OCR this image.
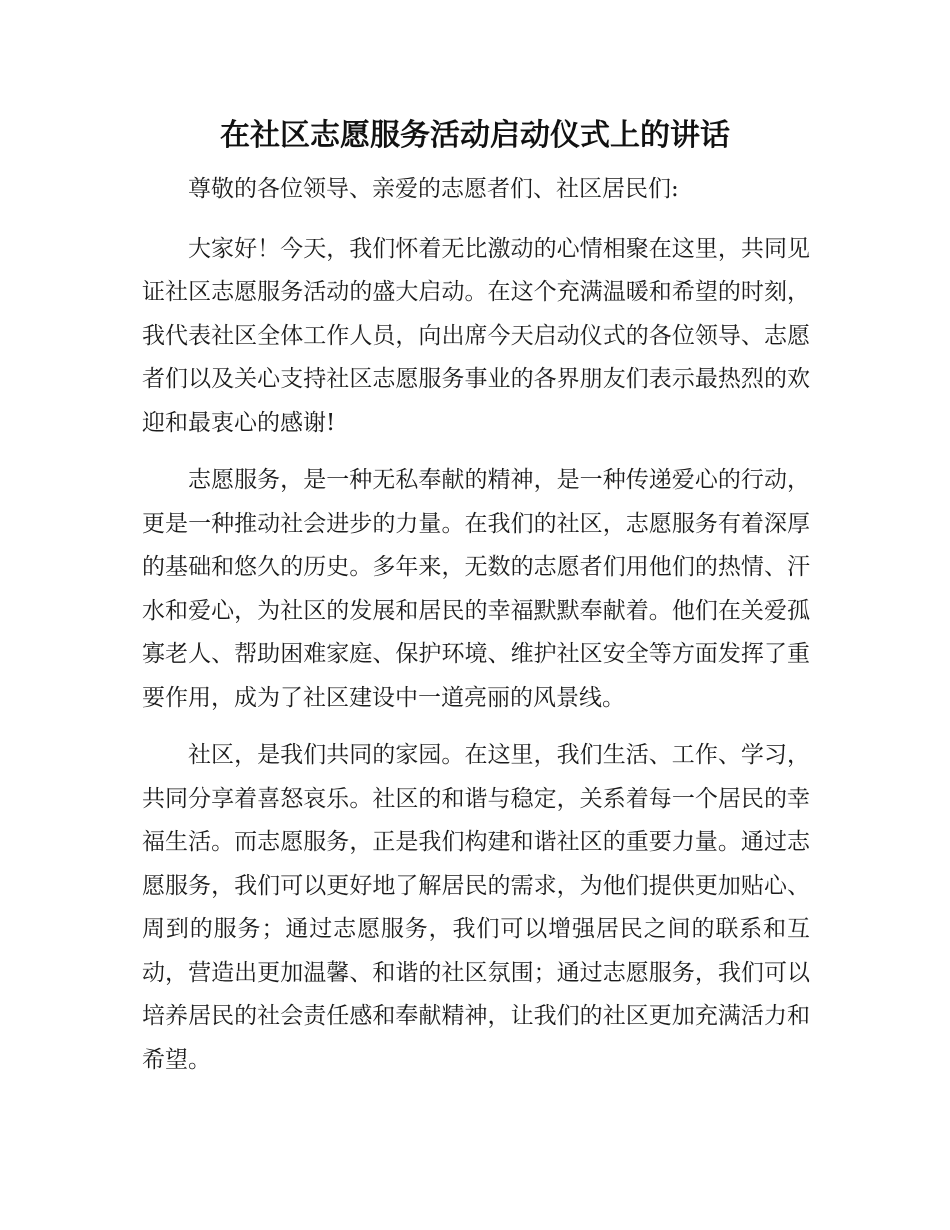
在社区志愿服务活动启动仪式上的讲话

尊敬的各位领导、亲爱的志愿者们、社区居民们:

大家好！今天，我们怀着无比激动的心情相聚在这里，共同见证社区志愿服务活动的盛大启动。在这个充满温暖和希望的时刻，我代表社区全体工作人员，向出席今天启动仪式的各位领导、志愿者们以及关心支持社区志愿服务事业的各界朋友们表示最热烈的欢迎和最衷心的感谢!

志愿服务，是一种无私奉献的精神，是一种传递爱心的行动，更是一种推动社会进步的力量。在我们的社区，志愿服务有着深厚的基础和悠久的历史。多年来，无数的志愿者们用他们的热情、汗水和爱心，为社区的发展和居民的幸福默默奉献着。他们在关爱孤寡老人、帮助困难家庭、保护环境、维护社区安全等方面发挥了重要作用，成为了社区建设中一道亮丽的风景线。

社区，是我们共同的家园。在这里，我们生活、工作、学习，共同分享着喜怒哀乐。社区的和谐与稳定，关系着每一个居民的幸福生活。而志愿服务，正是我们构建和谐社区的重要力量。通过志愿服务，我们可以更好地了解居民的需求，为他们提供更加贴心、周到的服务；通过志愿服务，我们可以增强居民之间的联系和互动，营造出更加温馨、和谐的社区氛围；通过志愿服务，我们可以培养居民的社会责任感和奉献精神，让我们的社区更加充满活力和希望。
